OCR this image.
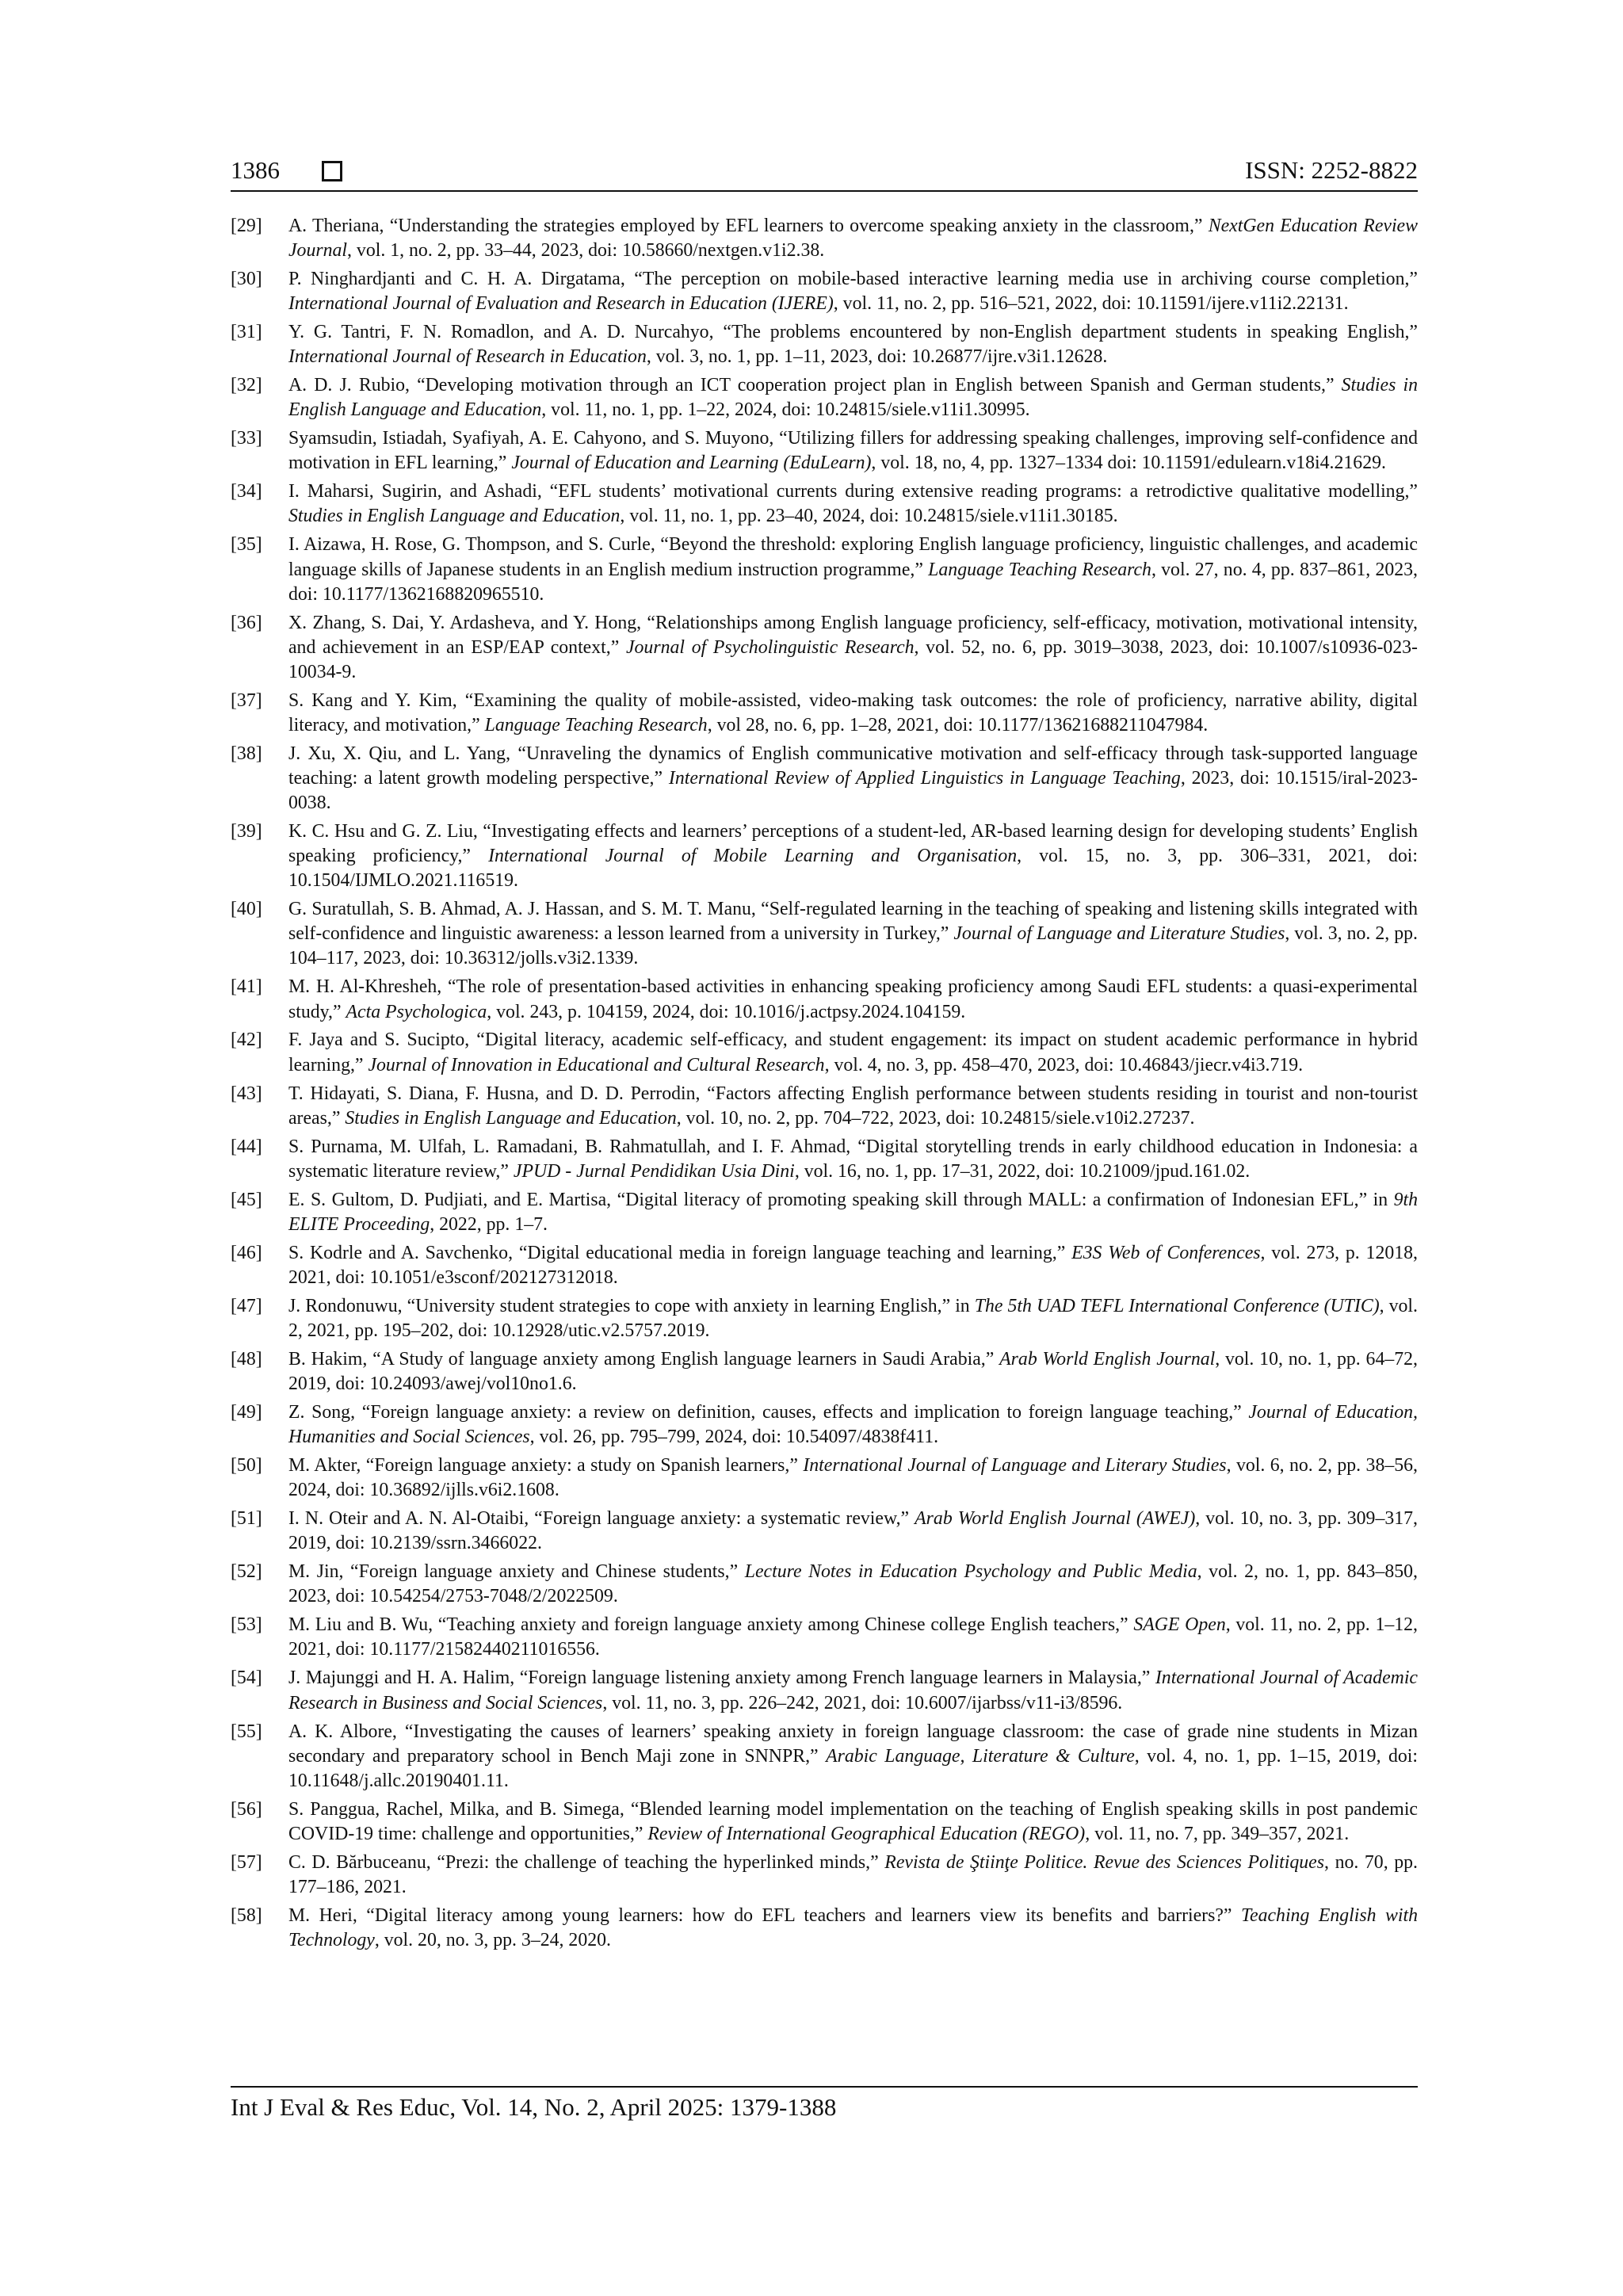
1386	ISSN: 2252-8822
[29]	A. Theriana, “Understanding the strategies employed by EFL learners to overcome speaking anxiety in the classroom,” NextGen Education Review Journal, vol. 1, no. 2, pp. 33–44, 2023, doi: 10.58660/nextgen.v1i2.38.
[30]	P. Ninghardjanti and C. H. A. Dirgatama, “The perception on mobile-based interactive learning media use in archiving course completion,” International Journal of Evaluation and Research in Education (IJERE), vol. 11, no. 2, pp. 516–521, 2022, doi: 10.11591/ijere.v11i2.22131.
[31]	Y. G. Tantri, F. N. Romadlon, and A. D. Nurcahyo, “The problems encountered by non-English department students in speaking English,” International Journal of Research in Education, vol. 3, no. 1, pp. 1–11, 2023, doi: 10.26877/ijre.v3i1.12628.
[32]	A. D. J. Rubio, “Developing motivation through an ICT cooperation project plan in English between Spanish and German students,” Studies in English Language and Education, vol. 11, no. 1, pp. 1–22, 2024, doi: 10.24815/siele.v11i1.30995.
[33]	Syamsudin, Istiadah, Syafiyah, A. E. Cahyono, and S. Muyono, “Utilizing fillers for addressing speaking challenges, improving self-confidence and motivation in EFL learning,” Journal of Education and Learning (EduLearn), vol. 18, no, 4, pp. 1327–1334 doi: 10.11591/edulearn.v18i4.21629.
[34]	I. Maharsi, Sugirin, and Ashadi, “EFL students’ motivational currents during extensive reading programs: a retrodictive qualitative modelling,” Studies in English Language and Education, vol. 11, no. 1, pp. 23–40, 2024, doi: 10.24815/siele.v11i1.30185.
[35]	I. Aizawa, H. Rose, G. Thompson, and S. Curle, “Beyond the threshold: exploring English language proficiency, linguistic challenges, and academic language skills of Japanese students in an English medium instruction programme,” Language Teaching Research, vol. 27, no. 4, pp. 837–861, 2023, doi: 10.1177/1362168820965510.
[36]	X. Zhang, S. Dai, Y. Ardasheva, and Y. Hong, “Relationships among English language proficiency, self-efficacy, motivation, motivational intensity, and achievement in an ESP/EAP context,” Journal of Psycholinguistic Research, vol. 52, no. 6, pp. 3019–3038, 2023, doi: 10.1007/s10936-023-10034-9.
[37]	S. Kang and Y. Kim, “Examining the quality of mobile-assisted, video-making task outcomes: the role of proficiency, narrative ability, digital literacy, and motivation,” Language Teaching Research, vol 28, no. 6, pp. 1–28, 2021, doi: 10.1177/13621688211047984.
[38]	J. Xu, X. Qiu, and L. Yang, “Unraveling the dynamics of English communicative motivation and self-efficacy through task-supported language teaching: a latent growth modeling perspective,” International Review of Applied Linguistics in Language Teaching, 2023, doi: 10.1515/iral-2023-0038.
[39]	K. C. Hsu and G. Z. Liu, “Investigating effects and learners’ perceptions of a student-led, AR-based learning design for developing students’ English speaking proficiency,” International Journal of Mobile Learning and Organisation, vol. 15, no. 3, pp. 306–331, 2021, doi: 10.1504/IJMLO.2021.116519.
[40]	G. Suratullah, S. B. Ahmad, A. J. Hassan, and S. M. T. Manu, “Self-regulated learning in the teaching of speaking and listening skills integrated with self-confidence and linguistic awareness: a lesson learned from a university in Turkey,” Journal of Language and Literature Studies, vol. 3, no. 2, pp. 104–117, 2023, doi: 10.36312/jolls.v3i2.1339.
[41]	M. H. Al-Khresheh, “The role of presentation-based activities in enhancing speaking proficiency among Saudi EFL students: a quasi-experimental study,” Acta Psychologica, vol. 243, p. 104159, 2024, doi: 10.1016/j.actpsy.2024.104159.
[42]	F. Jaya and S. Sucipto, “Digital literacy, academic self-efficacy, and student engagement: its impact on student academic performance in hybrid learning,” Journal of Innovation in Educational and Cultural Research, vol. 4, no. 3, pp. 458–470, 2023, doi: 10.46843/jiecr.v4i3.719.
[43]	T. Hidayati, S. Diana, F. Husna, and D. D. Perrodin, “Factors affecting English performance between students residing in tourist and non-tourist areas,” Studies in English Language and Education, vol. 10, no. 2, pp. 704–722, 2023, doi: 10.24815/siele.v10i2.27237.
[44]	S. Purnama, M. Ulfah, L. Ramadani, B. Rahmatullah, and I. F. Ahmad, “Digital storytelling trends in early childhood education in Indonesia: a systematic literature review,” JPUD - Jurnal Pendidikan Usia Dini, vol. 16, no. 1, pp. 17–31, 2022, doi: 10.21009/jpud.161.02.
[45]	E. S. Gultom, D. Pudjiati, and E. Martisa, “Digital literacy of promoting speaking skill through MALL: a confirmation of Indonesian EFL,” in 9th ELITE Proceeding, 2022, pp. 1–7.
[46]	S. Kodrle and A. Savchenko, “Digital educational media in foreign language teaching and learning,” E3S Web of Conferences, vol. 273, p. 12018, 2021, doi: 10.1051/e3sconf/202127312018.
[47]	J. Rondonuwu, “University student strategies to cope with anxiety in learning English,” in The 5th UAD TEFL International Conference (UTIC), vol. 2, 2021, pp. 195–202, doi: 10.12928/utic.v2.5757.2019.
[48]	B. Hakim, “A Study of language anxiety among English language learners in Saudi Arabia,” Arab World English Journal, vol. 10, no. 1, pp. 64–72, 2019, doi: 10.24093/awej/vol10no1.6.
[49]	Z. Song, “Foreign language anxiety: a review on definition, causes, effects and implication to foreign language teaching,” Journal of Education, Humanities and Social Sciences, vol. 26, pp. 795–799, 2024, doi: 10.54097/4838f411.
[50]	M. Akter, “Foreign language anxiety: a study on Spanish learners,” International Journal of Language and Literary Studies, vol. 6, no. 2, pp. 38–56, 2024, doi: 10.36892/ijlls.v6i2.1608.
[51]	I. N. Oteir and A. N. Al-Otaibi, “Foreign language anxiety: a systematic review,” Arab World English Journal (AWEJ), vol. 10, no. 3, pp. 309–317, 2019, doi: 10.2139/ssrn.3466022.
[52]	M. Jin, “Foreign language anxiety and Chinese students,” Lecture Notes in Education Psychology and Public Media, vol. 2, no. 1, pp. 843–850, 2023, doi: 10.54254/2753-7048/2/2022509.
[53]	M. Liu and B. Wu, “Teaching anxiety and foreign language anxiety among Chinese college English teachers,” SAGE Open, vol. 11, no. 2, pp. 1–12, 2021, doi: 10.1177/21582440211016556.
[54]	J. Majunggi and H. A. Halim, “Foreign language listening anxiety among French language learners in Malaysia,” International Journal of Academic Research in Business and Social Sciences, vol. 11, no. 3, pp. 226–242, 2021, doi: 10.6007/ijarbss/v11-i3/8596.
[55]	A. K. Albore, “Investigating the causes of learners’ speaking anxiety in foreign language classroom: the case of grade nine students in Mizan secondary and preparatory school in Bench Maji zone in SNNPR,” Arabic Language, Literature & Culture, vol. 4, no. 1, pp. 1–15, 2019, doi: 10.11648/j.allc.20190401.11.
[56]	S. Panggua, Rachel, Milka, and B. Simega, “Blended learning model implementation on the teaching of English speaking skills in post pandemic COVID-19 time: challenge and opportunities,” Review of International Geographical Education (REGO), vol. 11, no. 7, pp. 349–357, 2021.
[57]	C. D. Bărbuceanu, “Prezi: the challenge of teaching the hyperlinked minds,” Revista de Ştiinţe Politice. Revue des Sciences Politiques, no. 70, pp. 177–186, 2021.
[58]	M. Heri, “Digital literacy among young learners: how do EFL teachers and learners view its benefits and barriers?” Teaching English with Technology, vol. 20, no. 3, pp. 3–24, 2020.
Int J Eval & Res Educ, Vol. 14, No. 2, April 2025: 1379-1388
